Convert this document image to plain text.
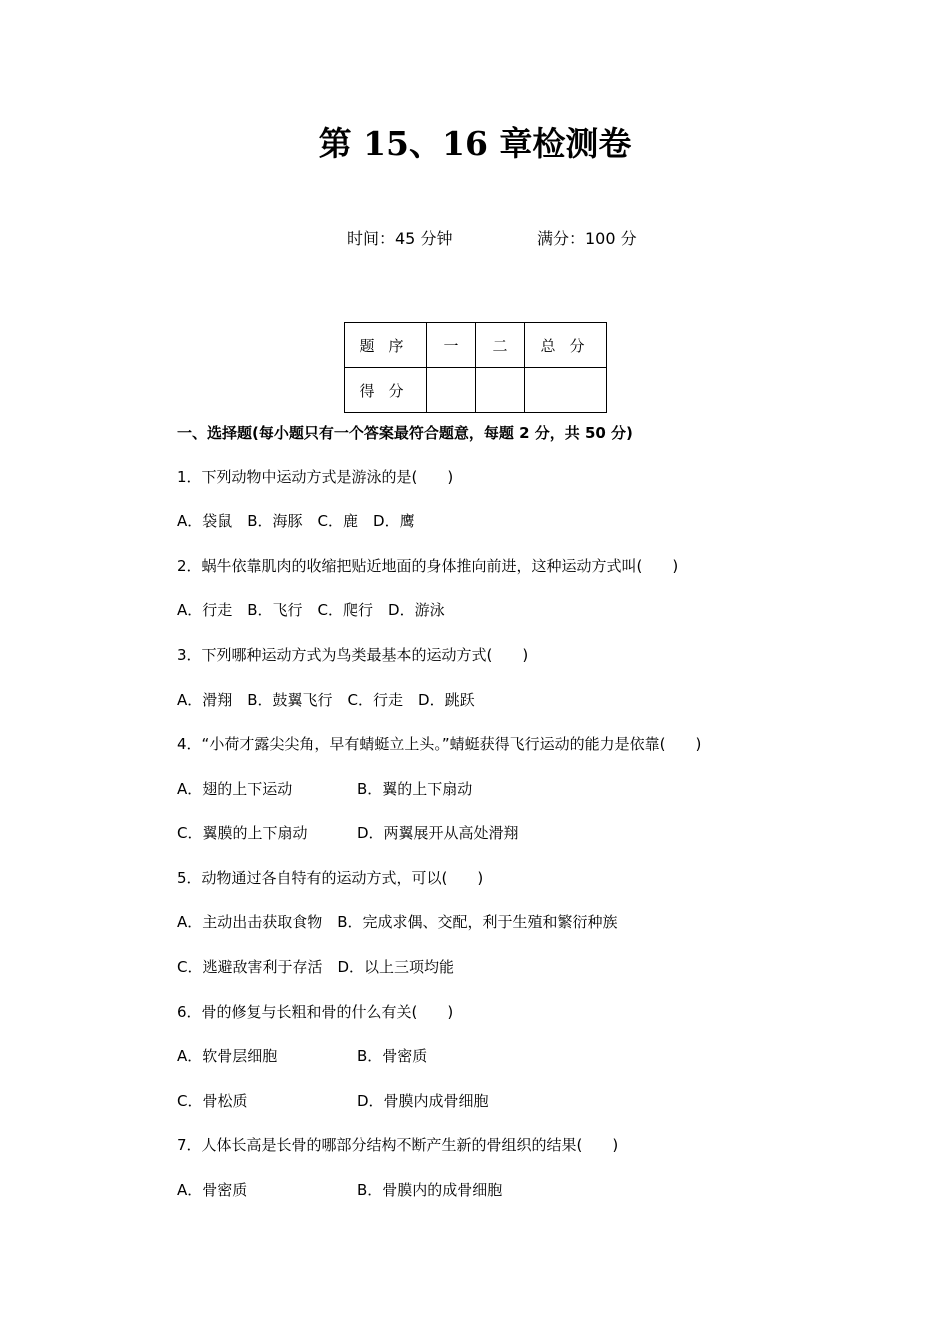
第 15、16 章检测卷
时间：45 分钟	满分：100 分
题序	一	二	总分
得分			
一、选择题(每小题只有一个答案最符合题意，每题 2 分，共 50 分)
1．下列动物中运动方式是游泳的是(　　)
A．袋鼠　B．海豚　C．鹿　D．鹰
2．蜗牛依靠肌肉的收缩把贴近地面的身体推向前进，这种运动方式叫(　　)
A．行走　B．飞行　C．爬行　D．游泳
3．下列哪种运动方式为鸟类最基本的运动方式(　　)
A．滑翔　B．鼓翼飞行　C．行走　D．跳跃
4．“小荷才露尖尖角，早有蜻蜓立上头。”蜻蜓获得飞行运动的能力是依靠(　　)
A．翅的上下运动	B．翼的上下扇动
C．翼膜的上下扇动	D．两翼展开从高处滑翔
5．动物通过各自特有的运动方式，可以(　　)
A．主动出击获取食物　B．完成求偶、交配，利于生殖和繁衍种族
C．逃避敌害利于存活　D．以上三项均能
6．骨的修复与长粗和骨的什么有关(　　)
A．软骨层细胞	B．骨密质
C．骨松质	D．骨膜内成骨细胞
7．人体长高是长骨的哪部分结构不断产生新的骨组织的结果(　　)
A．骨密质	B．骨膜内的成骨细胞
